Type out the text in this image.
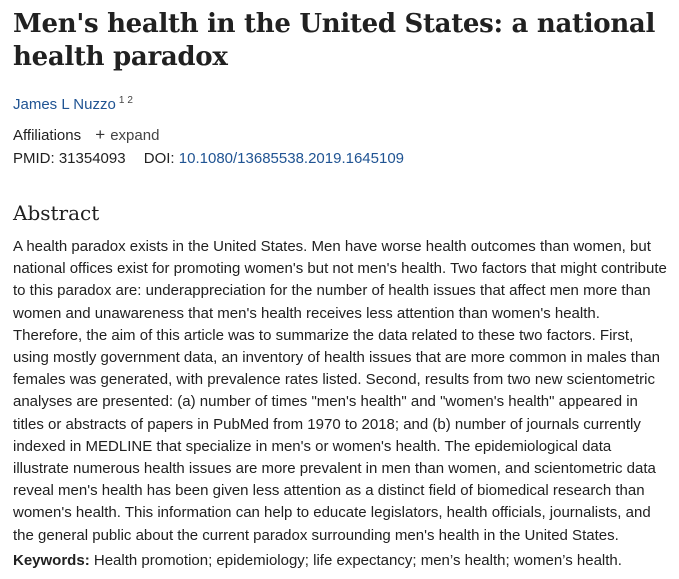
Men's health in the United States: a national health paradox
James L Nuzzo $^1$ $^2$
Affiliations + expand
PMID: 31354093 DOI: 10.1080/13685538.2019.1645109
Abstract

A health paradox exists in the United States. Men have worse health outcomes than women, but national offices exist for promoting women's but not men's health. Two factors that might contribute to this paradox are: underappreciation for the number of health issues that affect men more than women and unawareness that men's health receives less attention than women's health. Therefore, the aim of this article was to summarize the data related to these two factors. First, using mostly government data, an inventory of health issues that are more common in males than females was generated, with prevalence rates listed. Second, results from two new scientometric analyses are presented: (a) number of times "men's health" and "women's health" appeared in titles or abstracts of papers in PubMed from 1970 to 2018; and (b) number of journals currently indexed in MEDLINE that specialize in men's or women's health. The epidemiological data illustrate numerous health issues are more prevalent in men than women, and scientometric data reveal men's health has been given less attention as a distinct field of biomedical research than women's health. This information can help to educate legislators, health officials, journalists, and the general public about the current paradox surrounding men's health in the United States.

Keywords: Health promotion; epidemiology; life expectancy; men’s health; women’s health.
